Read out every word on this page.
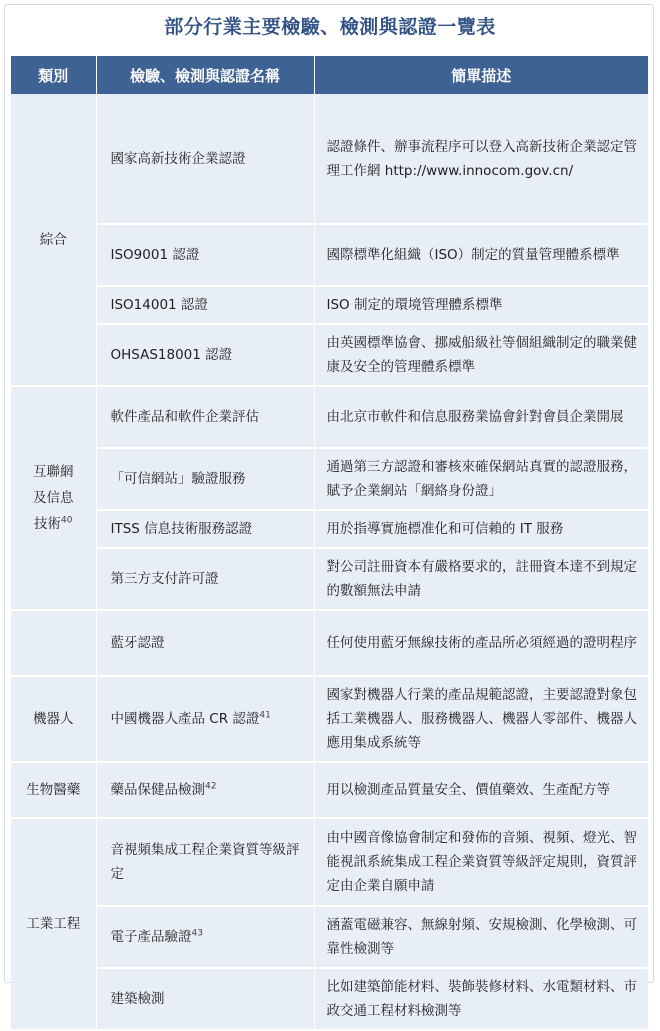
部分行業主要檢驗、檢測與認證一覽表
類別	檢驗、檢測與認證名稱	簡單描述
綜合	國家高新技術企業認證	認證條件、辦事流程序可以登入高新技術企業認定管理工作網 http://www.innocom.gov.cn/
	ISO9001 認證	國際標準化組織（ISO）制定的質量管理體系標準
	ISO14001 認證	ISO 制定的環境管理體系標準
	OHSAS18001 認證	由英國標準協會、挪威船級社等個組織制定的職業健康及安全的管理體系標準

互聯網
及信息
技術$^{40}$	軟件產品和軟件企業評估	由北京市軟件和信息服務業協會針對會員企業開展
	「可信網站」驗證服務	通過第三方認證和審核來確保網站真實的認證服務，賦予企業網站「網絡身份證」
	ITSS 信息技術服務認證	用於指導實施標准化和可信賴的 IT 服務
	第三方支付許可證	對公司註冊資本有嚴格要求的，註冊資本達不到規定的數額無法申請
	藍牙認證	任何使用藍牙無線技術的產品所必須經過的證明程序
機器人	中國機器人產品 CR 認證$^{41}$	國家對機器人行業的產品規範認證，主要認證對象包括工業機器人、服務機器人、機器人零部件、機器人應用集成系統等
生物醫藥	藥品保健品檢測$^{42}$	用以檢測產品質量安全、價值藥效、生產配方等
工業工程	音視頻集成工程企業資質等級評定	由中國音像協會制定和發佈的音頻、視頻、燈光、智能視訊系統集成工程企業資質等級評定規則，資質評定由企業自願申請
	電子產品驗證$^{43}$	涵蓋電磁兼容、無線射頻、安規檢測、化學檢測、可靠性檢測等
	建築檢測	比如建築節能材料、裝飾裝修材料、水電類材料、市政交通工程材料檢測等
